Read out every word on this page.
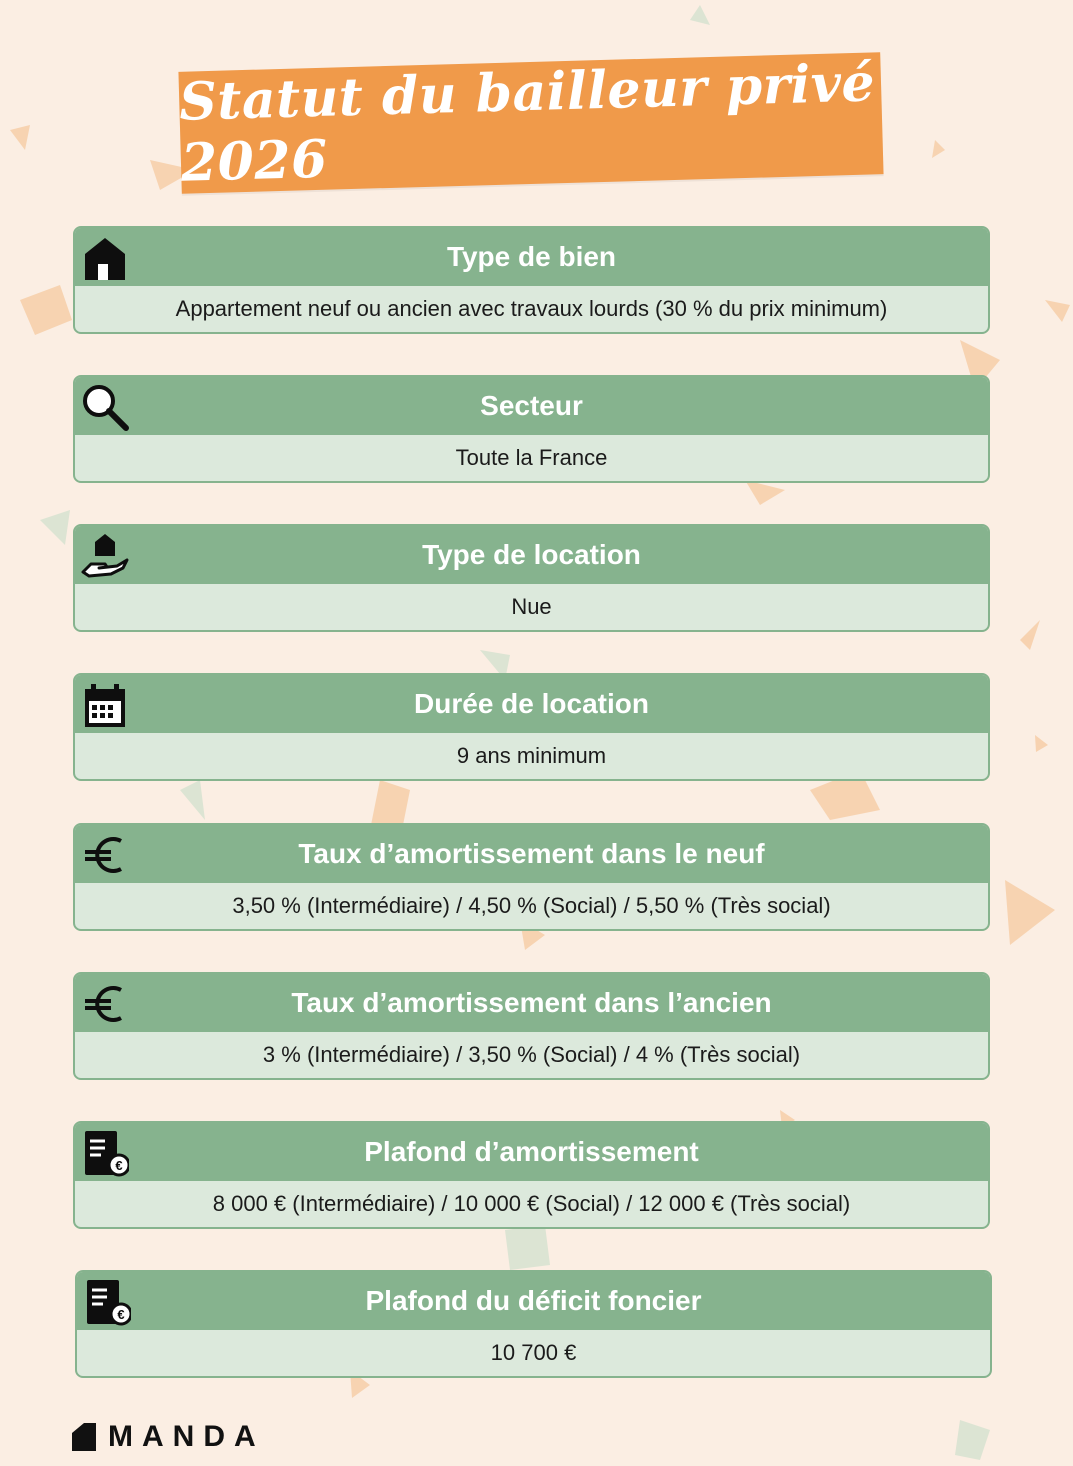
Statut du bailleur privé 2026
Type de bien
Appartement neuf ou ancien avec travaux lourds (30 % du prix minimum)
Secteur
Toute la France
Type de location
Nue
Durée de location
9 ans minimum
Taux d’amortissement dans le neuf
3,50 % (Intermédiaire) / 4,50 % (Social) / 5,50 % (Très social)
Taux d’amortissement dans l’ancien
3 % (Intermédiaire) / 3,50 % (Social) / 4 % (Très social)
Plafond d’amortissement
8 000 € (Intermédiaire) / 10 000 € (Social) / 12 000 € (Très social)
€
Plafond du déficit foncier
10 700 €
€
MANDA
